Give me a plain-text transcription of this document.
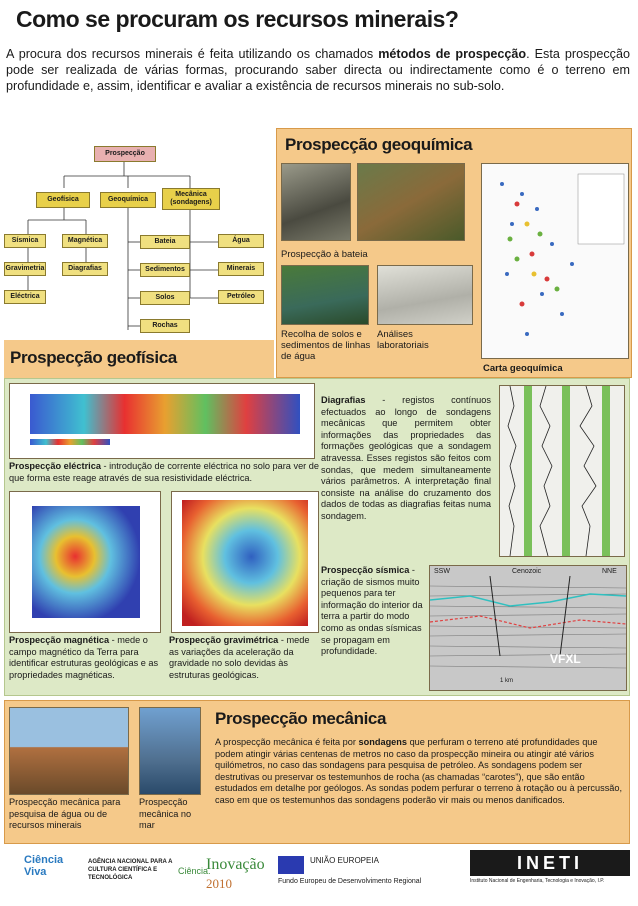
Como se procuram os recursos minerais?
A procura dos recursos minerais é feita utilizando os chamados métodos de prospecção. Esta prospecção pode ser realizada de várias formas, procurando saber directa ou indirectamente como é o terreno em profundidade e, assim, identificar e avaliar a existência de recursos minerais no sub-solo.
Prospecção
Geofísica	Geoquímica
Mecânica (sondagens)
Sísmica	Magnética
Gravimetria	Diagrafias
Eléctrica
Bateia
Sedimentos
Solos
Rochas
Água
Minerais
Petróleo
Prospecção geoquímica
Prospecção à bateia
Recolha de solos e sedimentos de linhas de água
Análises laboratoriais
Carta geoquímica
Prospecção geofísica
Prospecção eléctrica - introdução de corrente eléctrica no solo para ver de que forma este reage através de sua resistividade eléctrica.
Prospecção magnética - mede o campo magnético da Terra para identificar estruturas geológicas e as propriedades magnéticas.
Prospecção gravimétrica - mede as variações da aceleração da gravidade no solo devidas às estruturas geológicas.
Diagrafias - registos contínuos efectuados ao longo de sondagens mecânicas que permitem obter informações das propriedades das formações geológicas que a sondagem atravessa. Esses registos são feitos com sondas, que medem simultaneamente vários parâmetros. A interpretação final consiste na análise do cruzamento dos dados de todas as diagrafias feitas numa sondagem.
Prospecção sísmica - criação de sismos muito pequenos para ter informação do interior da terra a partir do modo como as ondas sísmicas se propagam em profundidade.
SSW	Cenozoic	NNE
VFXL
1 km
Prospecção mecânica para pesquisa de água ou de recursos minerais
Prospecção mecânica no mar
Prospecção mecânica
A prospecção mecânica é feita por sondagens que perfuram o terreno até profundidades que podem atingir várias centenas de metros no caso da prospecção mineira ou atingir até vários quilómetros, no caso das sondagens para pesquisa de petróleo. As sondagens podem ser destrutivas ou preservar os testemunhos de rocha (as chamadas “carotes”), que são então estudados em detalhe por geólogos. As sondas podem perfurar o terreno à rotação ou à percussão, caso em que os testemunhos das sondagens poderão vir mais ou menos danificados.
Ciência Viva
AGÊNCIA NACIONAL PARA A CULTURA CIENTÍFICA E TECNOLÓGICA
Ciência.
Inovação
2010
UNIÃO EUROPEIA
Fundo Europeu de Desenvolvimento Regional
INETI
Instituto Nacional de Engenharia, Tecnologia e Inovação, I.P.
